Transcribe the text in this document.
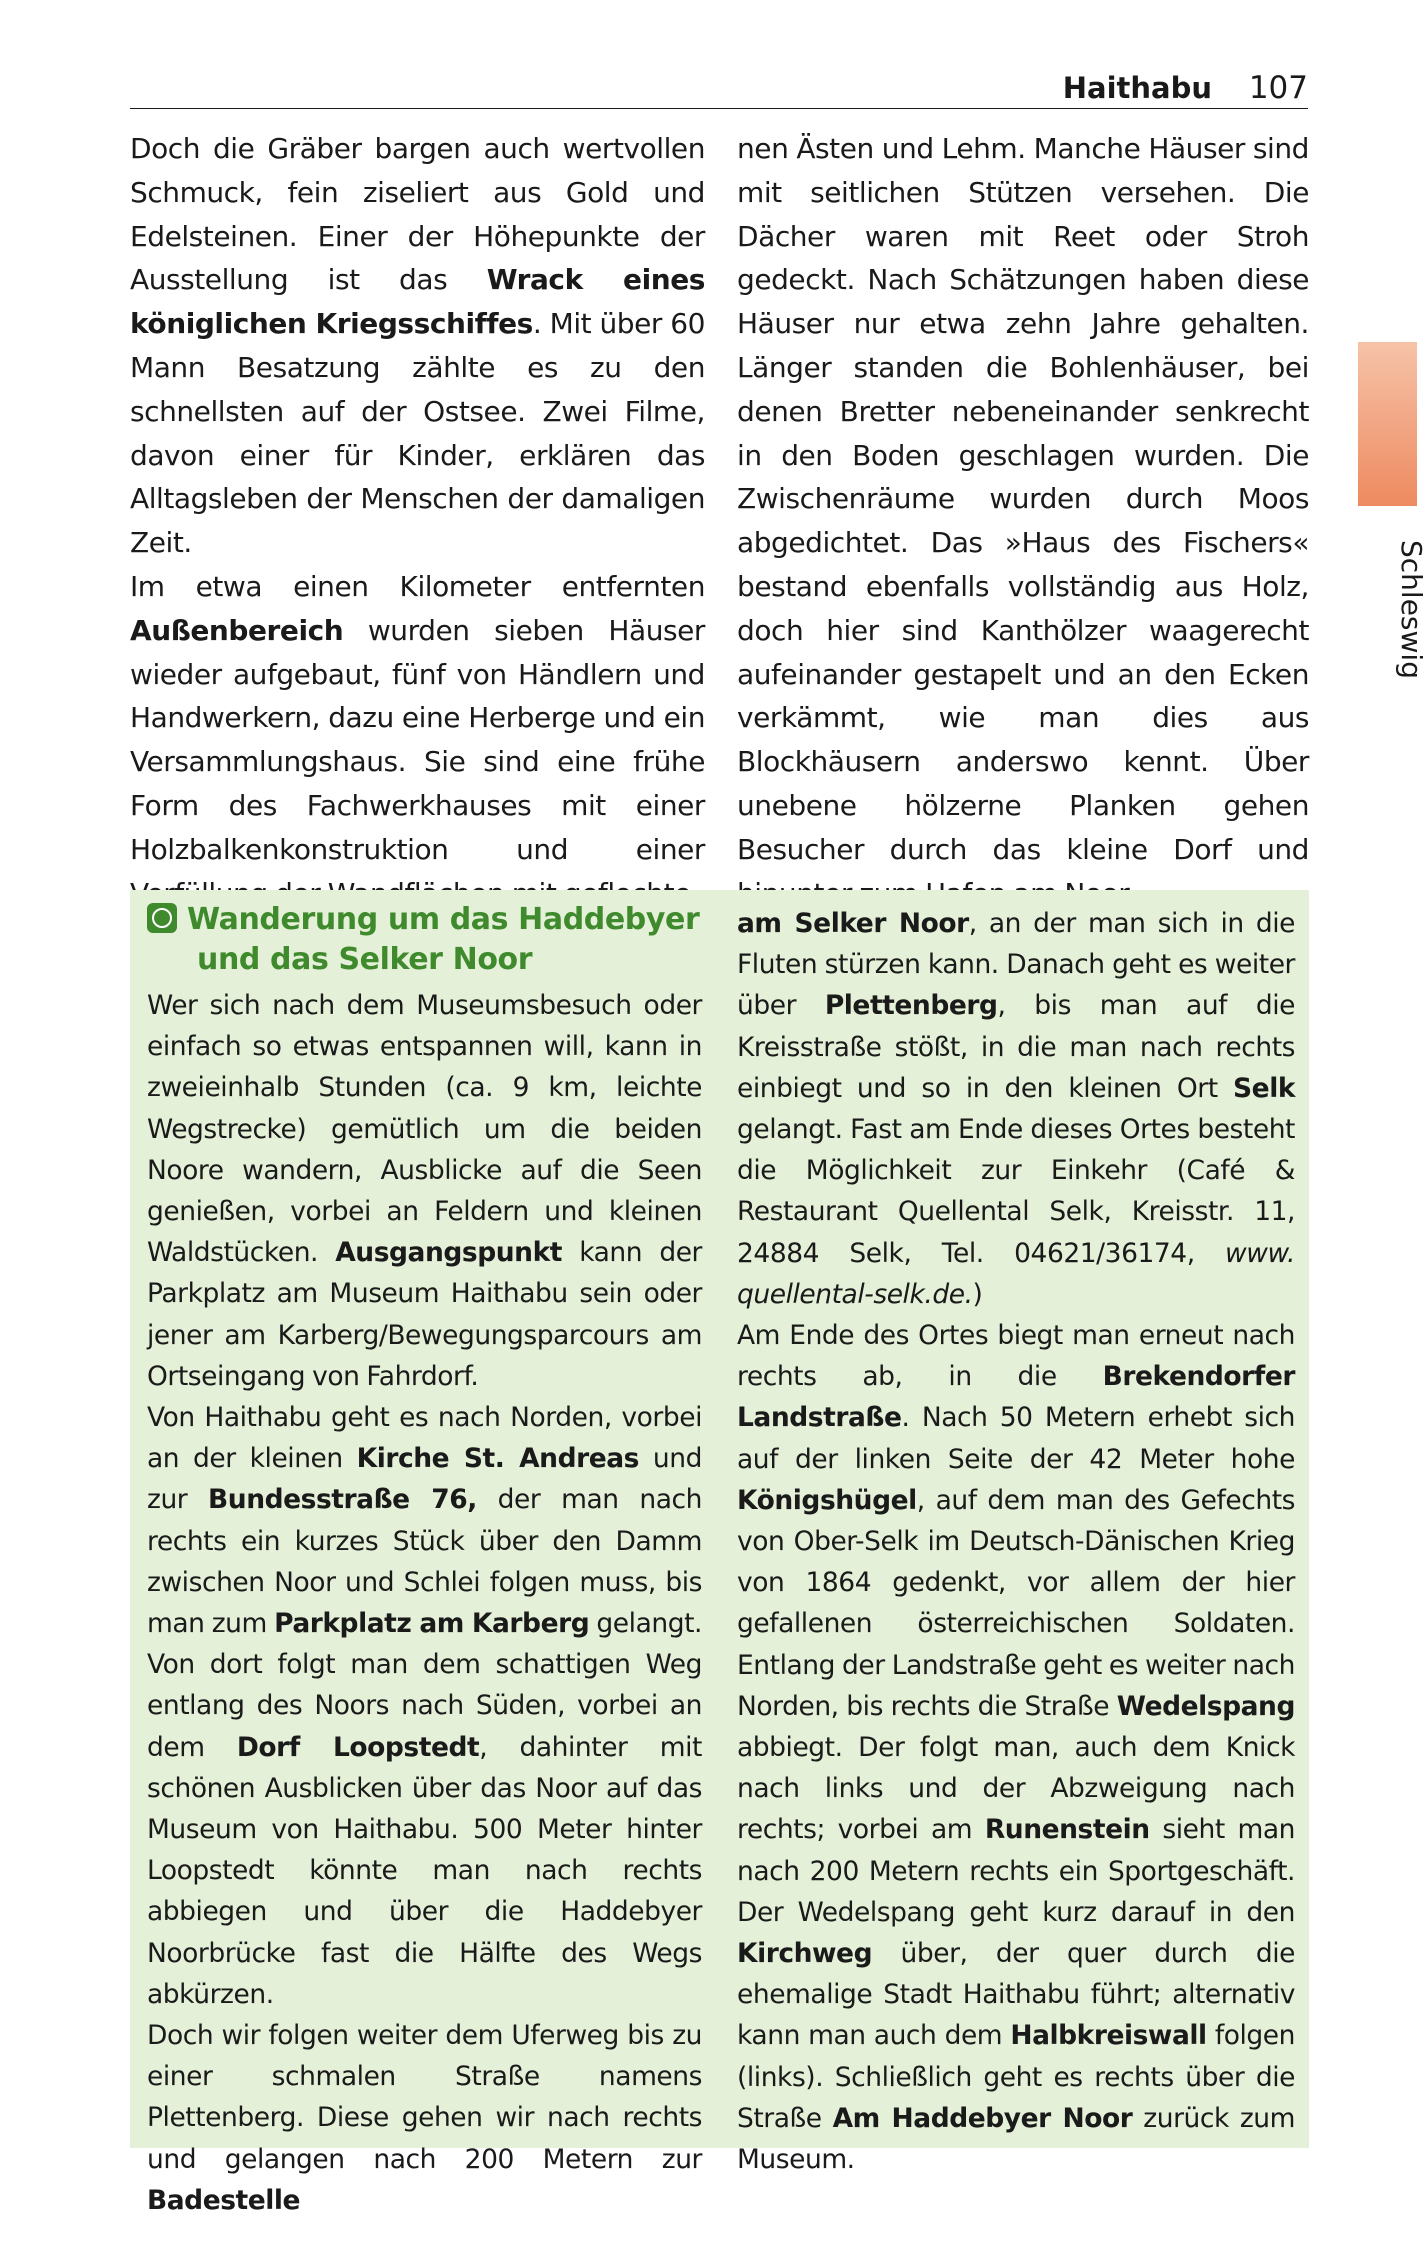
Haithabu 107
Schleswig

Doch die Gräber bargen auch wertvollen Schmuck, fein ziseliert aus Gold und Edelsteinen. Einer der Höhepunkte der Ausstellung ist das Wrack eines königlichen Kriegsschiffes. Mit über 60 Mann Besatzung zählte es zu den schnellsten auf der Ostsee. Zwei Filme, davon einer für Kinder, erklären das Alltagsleben der Menschen der damaligen Zeit.

Im etwa einen Kilometer entfernten Außenbereich wurden sieben Häuser wieder aufgebaut, fünf von Händlern und Handwerkern, dazu eine Herberge und ein Versammlungshaus. Sie sind eine frühe Form des Fachwerkhauses mit einer Holzbalkenkonstruktion und einer

nen Ästen und Lehm. Manche Häuser sind mit seitlichen Stützen versehen. Die Dächer waren mit Reet oder Stroh gedeckt. Nach Schätzungen haben diese Häuser nur etwa zehn Jahre gehalten. Länger standen die Bohlenhäuser, bei denen Bretter nebeneinander senkrecht in den Boden geschlagen wurden. Die Zwischenräume wurden durch Moos abgedichtet. Das »Haus des Fischers« bestand ebenfalls vollständig aus Holz, doch hier sind Kanthölzer waagerecht aufeinander gestapelt und an den Ecken verkämmt, wie man dies aus Blockhäusern anderswo kennt. Über unebene hölzerne Planken gehen Besucher durch das kleine Dorf und

Wanderung um das Haddebyer
und das Selker Noor

Wer sich nach dem Museumsbesuch oder einfach so etwas entspannen will, kann in zweieinhalb Stunden (ca. 9 km, leichte Wegstrecke) gemütlich um die beiden Noore wandern, Ausblicke auf die Seen genießen, vorbei an Feldern und kleinen Waldstücken. Ausgangspunkt kann der Parkplatz am Museum Haithabu sein oder jener am Karberg/Bewegungsparcours am Ortseingang von Fahrdorf.

Von Haithabu geht es nach Norden, vorbei an der kleinen Kirche St. Andreas und zur Bundesstraße 76, der man nach rechts ein kurzes Stück über den Damm zwischen Noor und Schlei folgen muss, bis man zum Parkplatz am Karberg gelangt. Von dort folgt man dem schattigen Weg entlang des Noors nach Süden, vorbei an dem Dorf Loopstedt, dahinter mit schönen Ausblicken über das Noor auf das Museum von Haithabu. 500 Meter hinter Loopstedt könnte man nach rechts abbiegen und über die Haddebyer Noorbrücke fast die Hälfte des Wegs abkürzen.

Doch wir folgen weiter dem Uferweg bis zu einer schmalen Straße namens Plettenberg. Diese gehen wir nach rechts und gelangen nach 200 Metern zur Badestelle

am Selker Noor, an der man sich in die Fluten stürzen kann. Danach geht es weiter über Plettenberg, bis man auf die Kreisstraße stößt, in die man nach rechts einbiegt und so in den kleinen Ort Selk gelangt. Fast am Ende dieses Ortes besteht die Möglichkeit zur Einkehr (Café & Restaurant Quellental Selk, Kreisstr. 11, 24884 Selk, Tel. 04621/36174, www. quellental-selk.de.)

Am Ende des Ortes biegt man erneut nach rechts ab, in die Brekendorfer Landstraße. Nach 50 Metern erhebt sich auf der linken Seite der 42 Meter hohe Königshügel, auf dem man des Gefechts von Ober-Selk im Deutsch-Dänischen Krieg von 1864 gedenkt, vor allem der hier gefallenen österreichischen Soldaten. Entlang der Landstraße geht es weiter nach Norden, bis rechts die Straße Wedelspang abbiegt. Der folgt man, auch dem Knick nach links und der Abzweigung nach rechts; vorbei am Runenstein sieht man nach 200 Metern rechts ein Sportgeschäft. Der Wedelspang geht kurz darauf in den Kirchweg über, der quer durch die ehemalige Stadt Haithabu führt; alternativ kann man auch dem Halbkreiswall folgen (links). Schließlich geht es rechts über die Straße Am Haddebyer Noor zurück zum Museum.
